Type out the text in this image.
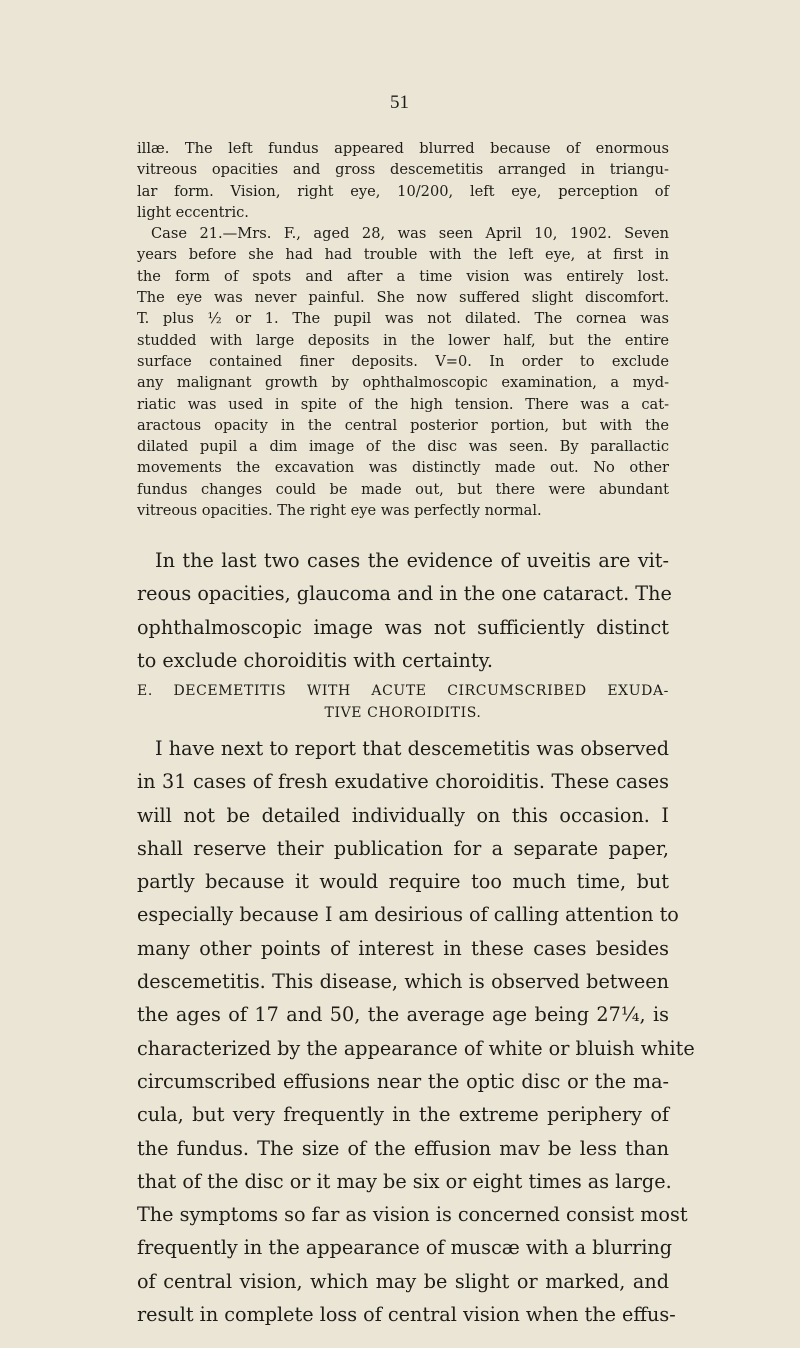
51
illæ. The left fundus appeared blurred because of enormous
vitreous opacities and gross descemetitis arranged in triangu-
lar form. Vision, right eye, 10/200, left eye, perception of
light eccentric.
Case 21.—Mrs. F., aged 28, was seen April 10, 1902. Seven
years before she had had trouble with the left eye, at first in
the form of spots and after a time vision was entirely lost.
The eye was never painful. She now suffered slight discomfort.
T. plus ½ or 1. The pupil was not dilated. The cornea was
studded with large deposits in the lower half, but the entire
surface contained finer deposits. V=0. In order to exclude
any malignant growth by ophthalmoscopic examination, a myd-
riatic was used in spite of the high tension. There was a cat-
aractous opacity in the central posterior portion, but with the
dilated pupil a dim image of the disc was seen. By parallactic
movements the excavation was distinctly made out. No other
fundus changes could be made out, but there were abundant
vitreous opacities. The right eye was perfectly normal.
In the last two cases the evidence of uveitis are vit-
reous opacities, glaucoma and in the one cataract. The
ophthalmoscopic image was not sufficiently distinct
to exclude choroiditis with certainty.
E. DECEMETITIS WITH ACUTE CIRCUMSCRIBED EXUDA-
TIVE CHOROIDITIS.
I have next to report that descemetitis was observed
in 31 cases of fresh exudative choroiditis. These cases
will not be detailed individually on this occasion. I
shall reserve their publication for a separate paper,
partly because it would require too much time, but
especially because I am desirious of calling attention to
many other points of interest in these cases besides
descemetitis. This disease, which is observed between
the ages of 17 and 50, the average age being 27¼, is
characterized by the appearance of white or bluish white
circumscribed effusions near the optic disc or the ma-
cula, but very frequently in the extreme periphery of
the fundus. The size of the effusion mav be less than
that of the disc or it may be six or eight times as large.
The symptoms so far as vision is concerned consist most
frequently in the appearance of muscæ with a blurring
of central vision, which may be slight or marked, and
result in complete loss of central vision when the effus-
